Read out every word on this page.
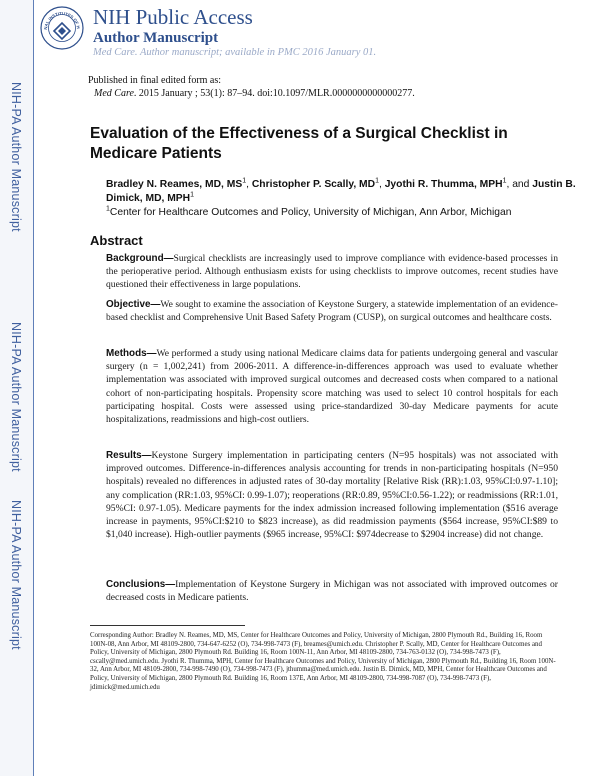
NIH-PA Author Manuscript
NIH-PA Author Manuscript
NIH-PA Author Manuscript
NAL INSTITUTES OF H NIH Public Access
Author Manuscript
Med Care. Author manuscript; available in PMC 2016 January 01.
Published in final edited form as:
Med Care. 2015 January ; 53(1): 87–94. doi:10.1097/MLR.0000000000000277.
Evaluation of the Effectiveness of a Surgical Checklist in Medicare Patients
Bradley N. Reames, MD, $MS^1$, Christopher P. Scally, $MD^1$, Jyothi R. Thumma, MPH$^1$, and Justin B. Dimick, MD, MPH$^1$
$^1$Center for Healthcare Outcomes and Policy, University of Michigan, Ann Arbor, Michigan
Abstract
Background—Surgical checklists are increasingly used to improve compliance with evidence-based processes in the perioperative period. Although enthusiasm exists for using checklists to improve outcomes, recent studies have questioned their effectiveness in large populations.
Objective—We sought to examine the association of Keystone Surgery, a statewide implementation of an evidence-based checklist and Comprehensive Unit Based Safety Program (CUSP), on surgical outcomes and healthcare costs.
Methods—We performed a study using national Medicare claims data for patients undergoing general and vascular surgery (n = 1,002,241) from 2006-2011. A difference-in-differences approach was used to evaluate whether implementation was associated with improved surgical outcomes and decreased costs when compared to a national cohort of non-participating hospitals. Propensity score matching was used to select 10 control hospitals for each participating hospital. Costs were assessed using price-standardized 30-day Medicare payments for acute hospitalizations, readmissions and high-cost outliers.
Results—Keystone Surgery implementation in participating centers (N=95 hospitals) was not associated with improved outcomes. Difference-in-differences analysis accounting for trends in non-participating hospitals (N=950 hospitals) revealed no differences in adjusted rates of 30-day mortality [Relative Risk (RR):1.03, 95%CI:0.97-1.10]; any complication (RR:1.03, 95%CI: 0.99-1.07); reoperations (RR:0.89, 95%CI:0.56-1.22); or readmissions (RR:1.01, 95%CI: 0.97-1.05). Medicare payments for the index admission increased following implementation ($516 average increase in payments, 95%CI:$210 to $823 increase), as did readmission payments ($564 increase, 95%CI:$89 to $1,040 increase). High-outlier payments ($965 increase, 95%CI: $974decrease to $2904 increase) did not change.
Conclusions—Implementation of Keystone Surgery in Michigan was not associated with improved outcomes or decreased costs in Medicare patients.
Corresponding Author: Bradley N. Reames, MD, MS, Center for Healthcare Outcomes and Policy, University of Michigan, 2800 Plymouth Rd., Building 16, Room 100N-08, Ann Arbor, MI 48109-2800, 734-647-6252 (O), 734-998-7473 (F), breames@umich.edu. Christopher P. Scally, MD, Center for Healthcare Outcomes and Policy, University of Michigan, 2800 Plymouth Rd. Building 16, Room 100N-11, Ann Arbor, MI 48109-2800, 734-763-0132 (O), 734-998-7473 (F), cscally@med.umich.edu. Jyothi R. Thumma, MPH, Center for Healthcare Outcomes and Policy, University of Michigan, 2800 Plymouth Rd., Building 16, Room 100N-32, Ann Arbor, MI 48109-2800, 734-998-7490 (O), 734-998-7473 (F), jthumma@med.umich.edu. Justin B. Dimick, MD, MPH, Center for Healthcare Outcomes and Policy, University of Michigan, 2800 Plymouth Rd. Building 16, Room 137E, Ann Arbor, MI 48109-2800, 734-998-7087 (O), 734-998-7473 (F), jdimick@med.umich.edu
